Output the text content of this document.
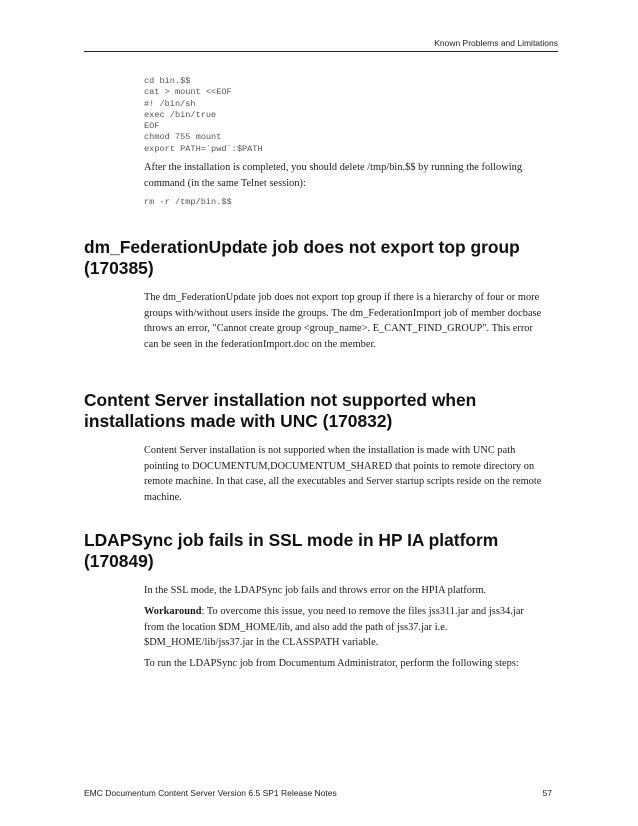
Known Problems and Limitations
cd bin.$$
cat > mount <<EOF
#! /bin/sh
exec /bin/true
EOF
chmod 755 mount
export PATH=`pwd`:$PATH

After the installation is completed, you should delete /tmp/bin.$$ by running the following command (in the same Telnet session):

rm -r /tmp/bin.$$
dm_FederationUpdate job does not export top group (170385)

The dm_FederationUpdate job does not export top group if there is a hierarchy of four or more groups with/without users inside the groups. The dm_FederationImport job of member docbase throws an error, "Cannot create group <group_name>. E_CANT_FIND_GROUP". This error can be seen in the federationImport.doc on the member.

Content Server installation not supported when installations made with UNC (170832)

Content Server installation is not supported when the installation is made with UNC path pointing to DOCUMENTUM,DOCUMENTUM_SHARED that points to remote directory on remote machine. In that case, all the executables and Server startup scripts reside on the remote machine.

LDAPSync job fails in SSL mode in HP IA platform (170849)

In the SSL mode, the LDAPSync job fails and throws error on the HPIA platform.

Workaround: To overcome this issue, you need to remove the files jss311.jar and jss34.jar from the location $DM_HOME/lib, and also add the path of jss37.jar i.e. $DM_HOME/lib/jss37.jar in the CLASSPATH variable.

To run the LDAPSync job from Documentum Administrator, perform the following steps:

EMC Documentum Content Server Version 6.5 SP1 Release Notes	57
